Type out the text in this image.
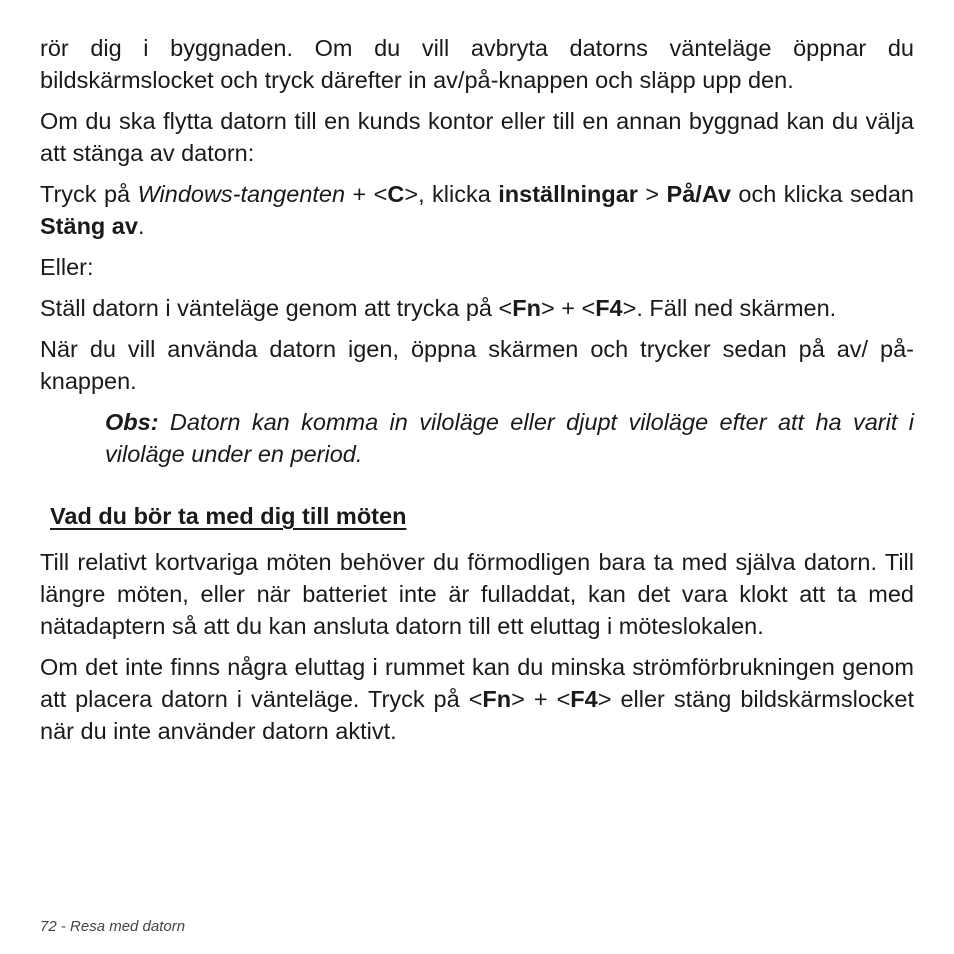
rör dig i byggnaden. Om du vill avbryta datorns vänteläge öppnar du bildskärmslocket och tryck därefter in av/på-knappen och släpp upp den.

Om du ska flytta datorn till en kunds kontor eller till en annan byggnad kan du välja att stänga av datorn:

Tryck på Windows-tangenten + <C>, klicka inställningar > På/Av och klicka sedan Stäng av.

Eller:

Ställ datorn i vänteläge genom att trycka på <Fn> + <F4>. Fäll ned skärmen.

När du vill använda datorn igen, öppna skärmen och trycker sedan på av/ på-knappen.

Obs: Datorn kan komma in viloläge eller djupt viloläge efter att ha varit i viloläge under en period.

Vad du bör ta med dig till möten

Till relativt kortvariga möten behöver du förmodligen bara ta med själva datorn. Till längre möten, eller när batteriet inte är fulladdat, kan det vara klokt att ta med nätadaptern så att du kan ansluta datorn till ett eluttag i möteslokalen.

Om det inte finns några eluttag i rummet kan du minska strömförbrukningen genom att placera datorn i vänteläge. Tryck på <Fn> + <F4> eller stäng bildskärmslocket när du inte använder datorn aktivt.

72 - Resa med datorn
